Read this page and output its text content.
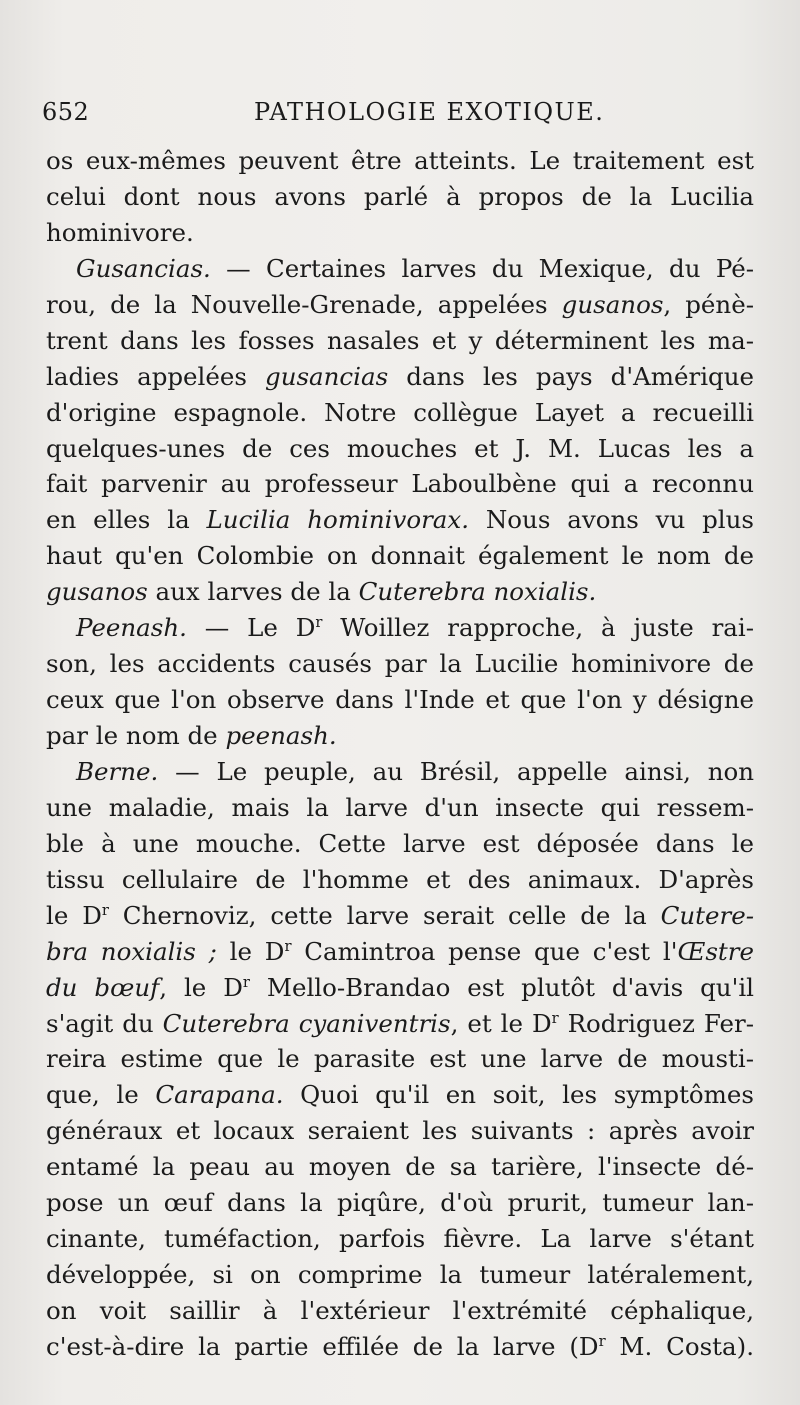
652	PATHOLOGIE EXOTIQUE.
os eux-mêmes peuvent être atteints. Le traitement est
celui dont nous avons parlé à propos de la Lucilia
hominivore.
Gusancias. — Certaines larves du Mexique, du Pé-
rou, de la Nouvelle-Grenade, appelées gusanos, pénè-
trent dans les fosses nasales et y déterminent les ma-
ladies appelées gusancias dans les pays d'Amérique
d'origine espagnole. Notre collègue Layet a recueilli
quelques-unes de ces mouches et J. M. Lucas les a
fait parvenir au professeur Laboulbène qui a reconnu
en elles la Lucilia hominivorax. Nous avons vu plus
haut qu'en Colombie on donnait également le nom de
gusanos aux larves de la Cuterebra noxialis.
Peenash. — Le $D^r$ Woillez rapproche, à juste rai-
son, les accidents causés par la Lucilie hominivore de
ceux que l'on observe dans l'Inde et que l'on y désigne
par le nom de peenash.
Berne. — Le peuple, au Brésil, appelle ainsi, non
une maladie, mais la larve d'un insecte qui ressem-
ble à une mouche. Cette larve est déposée dans le
tissu cellulaire de l'homme et des animaux. D'après
le $D^r$ Chernoviz, cette larve serait celle de la Cutere-
bra noxialis ; le $D^r$ Camintroa pense que c'est l'Œstre
du bœuf, le $D^r$ Mello-Brandao est plutôt d'avis qu'il
s'agit du Cuterebra cyaniventris, et le $D^r$ Rodriguez Fer-
reira estime que le parasite est une larve de mousti-
que, le Carapana. Quoi qu'il en soit, les symptômes
généraux et locaux seraient les suivants : après avoir
entamé la peau au moyen de sa tarière, l'insecte dé-
pose un œuf dans la piqûre, d'où prurit, tumeur lan-
cinante, tuméfaction, parfois fièvre. La larve s'étant
développée, si on comprime la tumeur latéralement,
on voit saillir à l'extérieur l'extrémité céphalique,
c'est-à-dire la partie effilée de la larve ($D^r$ M. Costa).
